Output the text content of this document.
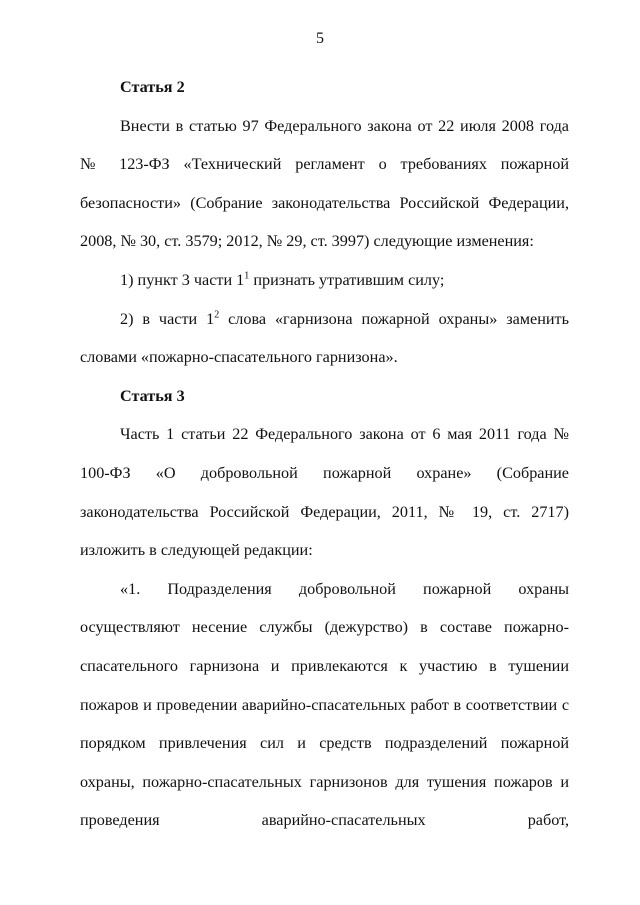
5

Статья 2

Внести в статью 97 Федерального закона от 22 июля 2008 года № 123-ФЗ «Технический регламент о требованиях пожарной безопасности» (Собрание законодательства Российской Федерации, 2008, № 30, ст. 3579; 2012, № 29, ст. 3997) следующие изменения:

1) пункт 3 части $1^1$ признать утратившим силу;

2) в части $1^2$ слова «гарнизона пожарной охраны» заменить словами «пожарно-спасательного гарнизона».

Статья 3

Часть 1 статьи 22 Федерального закона от 6 мая 2011 года № 100-ФЗ «О добровольной пожарной охране» (Собрание законодательства Российской Федерации, 2011, № 19, ст. 2717) изложить в следующей редакции:

«1. Подразделения добровольной пожарной охраны осуществляют несение службы (дежурство) в составе пожарно-спасательного гарнизона и привлекаются к участию в тушении пожаров и проведении аварийно-спасательных работ в соответствии с порядком привлечения сил и средств подразделений пожарной охраны, пожарно-спасательных гарнизонов для тушения пожаров и проведения аварийно-спасательных работ,
